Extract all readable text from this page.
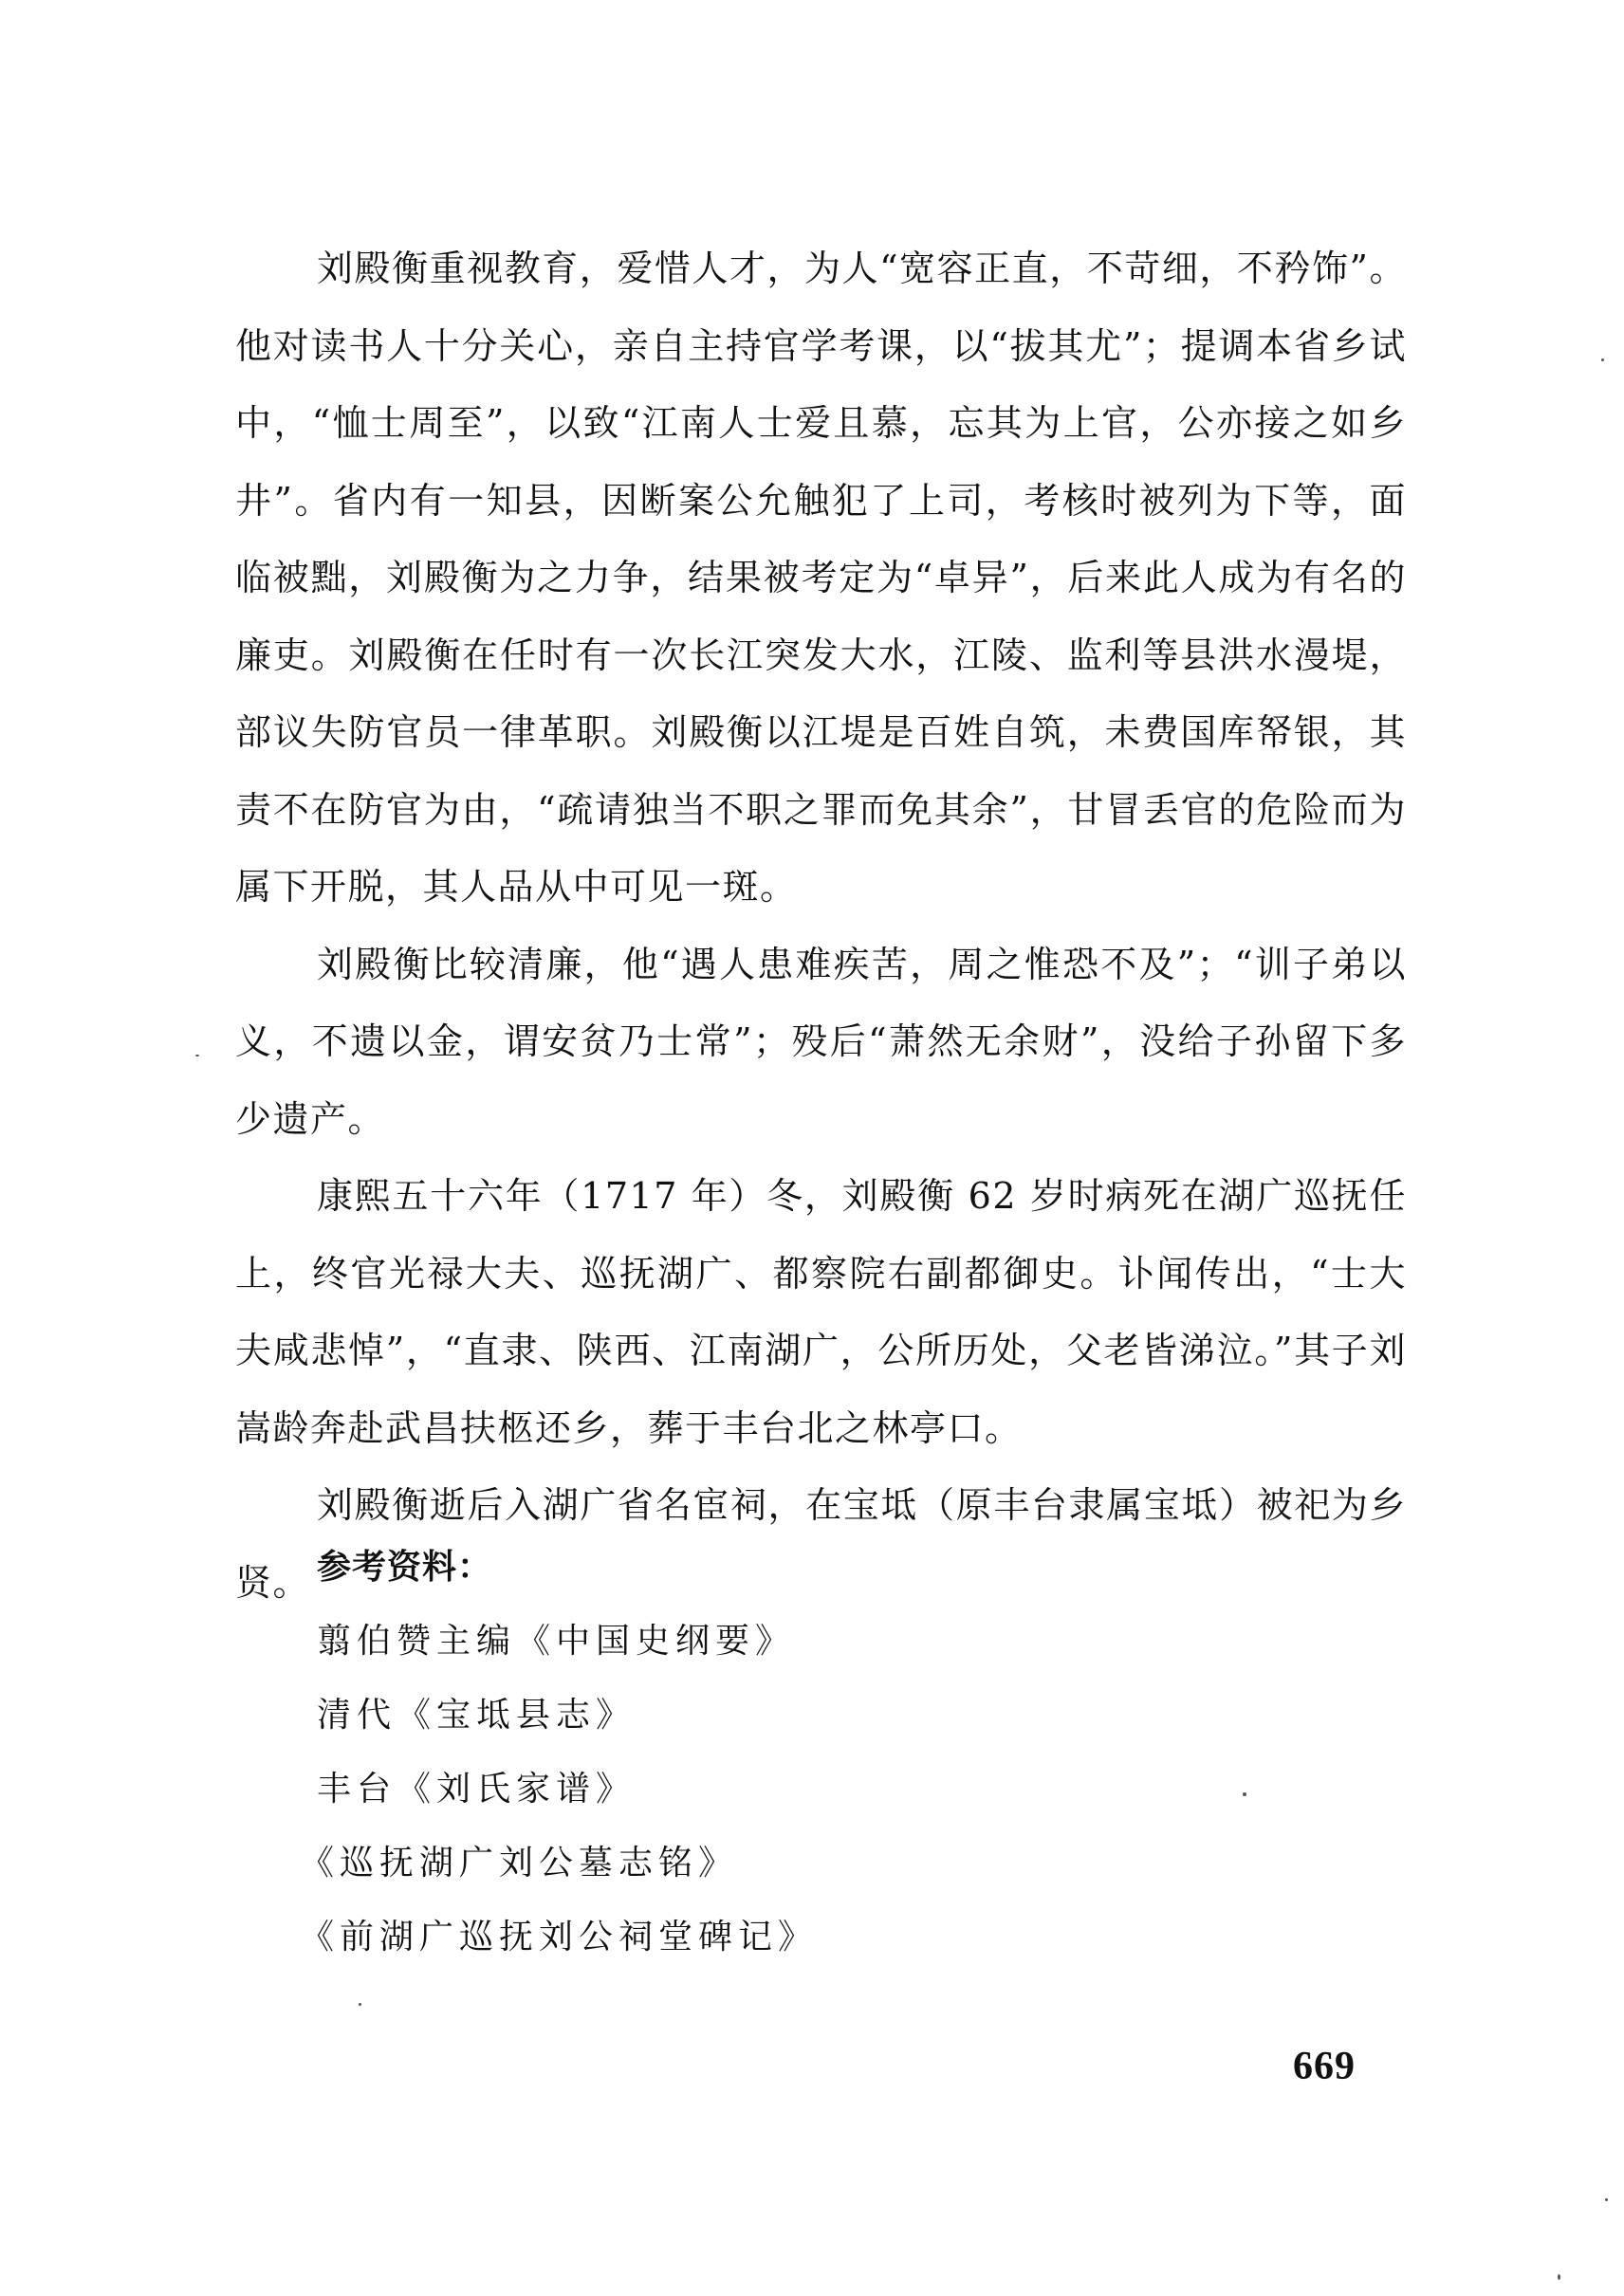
刘殿衡重视教育，爱惜人才，为人“宽容正直，不苛细，不矜饰”。他对读书人十分关心，亲自主持官学考课，以“拔其尤”；提调本省乡试中，“恤士周至”，以致“江南人士爱且慕，忘其为上官，公亦接之如乡井”。省内有一知县，因断案公允触犯了上司，考核时被列为下等，面临被黜，刘殿衡为之力争，结果被考定为“卓异”，后来此人成为有名的廉吏。刘殿衡在任时有一次长江突发大水，江陵、监利等县洪水漫堤，部议失防官员一律革职。刘殿衡以江堤是百姓自筑，未费国库帑银，其责不在防官为由，“疏请独当不职之罪而免其余”，甘冒丢官的危险而为属下开脱，其人品从中可见一斑。

刘殿衡比较清廉，他“遇人患难疾苦，周之惟恐不及”；“训子弟以义，不遗以金，谓安贫乃士常”；殁后“萧然无余财”，没给子孙留下多少遗产。

康熙五十六年（1717 年）冬，刘殿衡 62 岁时病死在湖广巡抚任上，终官光禄大夫、巡抚湖广、都察院右副都御史。讣闻传出，“士大夫咸悲悼”，“直隶、陕西、江南湖广，公所历处，父老皆涕泣。”其子刘嵩龄奔赴武昌扶柩还乡，葬于丰台北之林亭口。

刘殿衡逝后入湖广省名宦祠，在宝坻（原丰台隶属宝坻）被祀为乡贤。 参考资料：
翦伯赞主编《中国史纲要》
清代《宝坻县志》
丰台《刘氏家谱》
《巡抚湖广刘公墓志铭》
《前湖广巡抚刘公祠堂碑记》
669
